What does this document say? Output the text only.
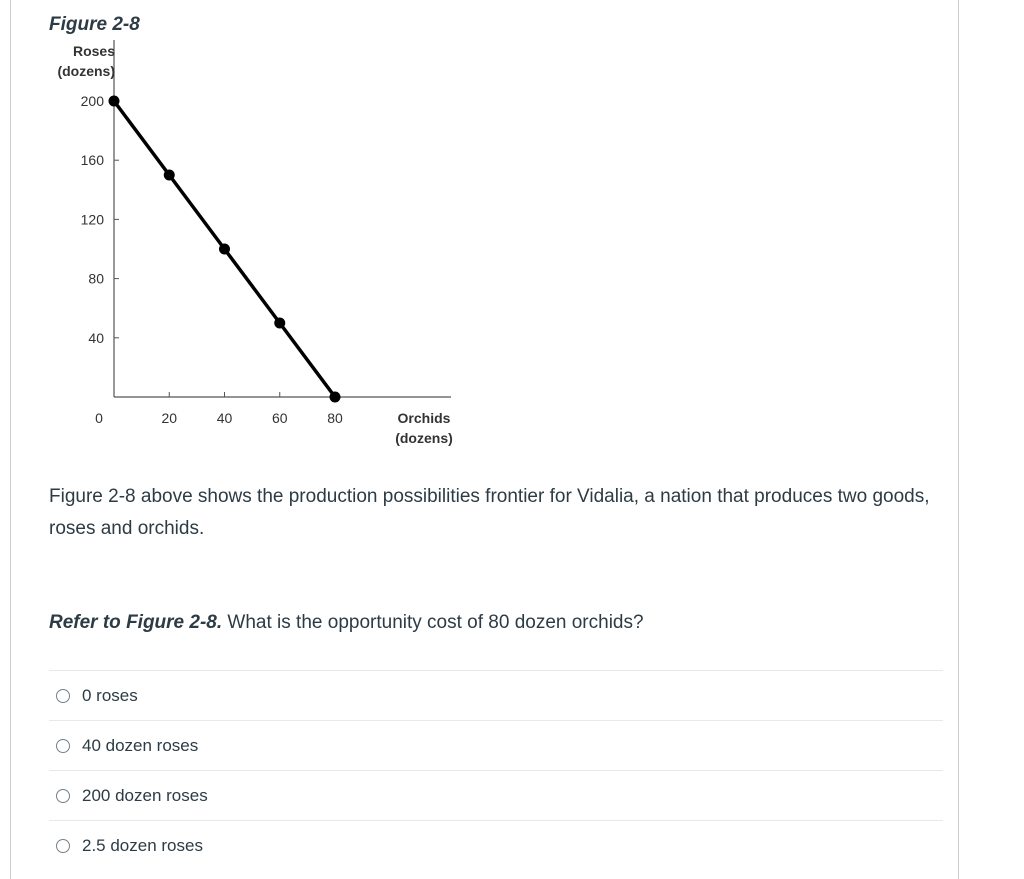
Figure 2-8
40
80
120
160
200
0	20	40	60	80
Roses
(dozens)
Orchids
(dozens)
Figure 2-8 above shows the production possibilities frontier for Vidalia, a nation that produces two goods, roses and orchids.
Refer to Figure 2-8. What is the opportunity cost of 80 dozen orchids?
0 roses
40 dozen roses
200 dozen roses
2.5 dozen roses
